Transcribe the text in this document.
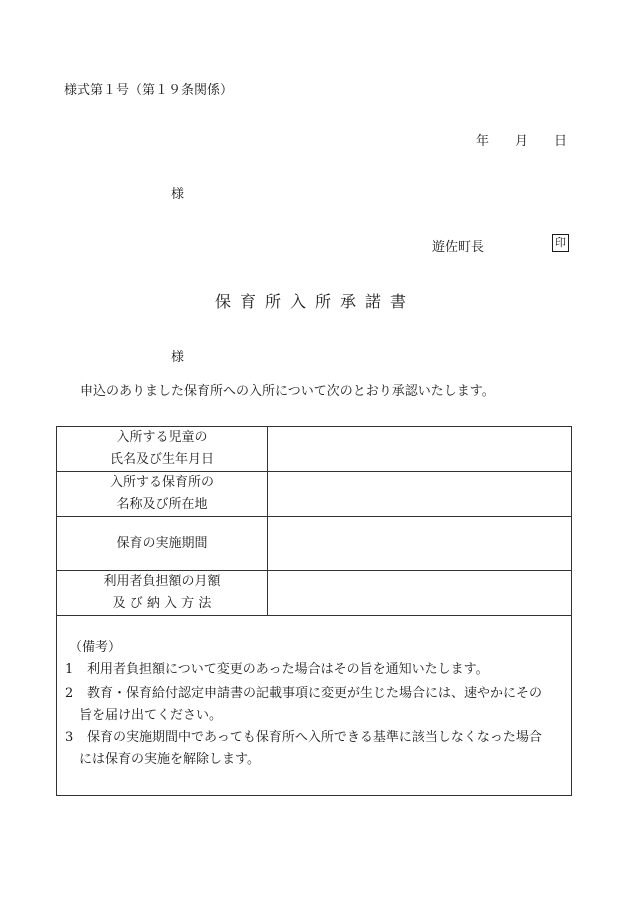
様式第１号（第１９条関係）
年 月 日
様
遊佐町長	印
保育所入所承諾書
様
申込のありました保育所への入所について次のとおり承認いたします。
入所する児童の
氏名及び生年月日	

入所する保育所の
名称及び所在地	

保育の実施期間	

利用者負担額の月額
及 び 納 入 方 法	

（備考）
1 利用者負担額について変更のあった場合はその旨を通知いたします。
2 教育・保育給付認定申請書の記載事項に変更が生じた場合には、速やかにその
旨を届け出てください。
3 保育の実施期間中であっても保育所へ入所できる基準に該当しなくなった場合
には保育の実施を解除します。
